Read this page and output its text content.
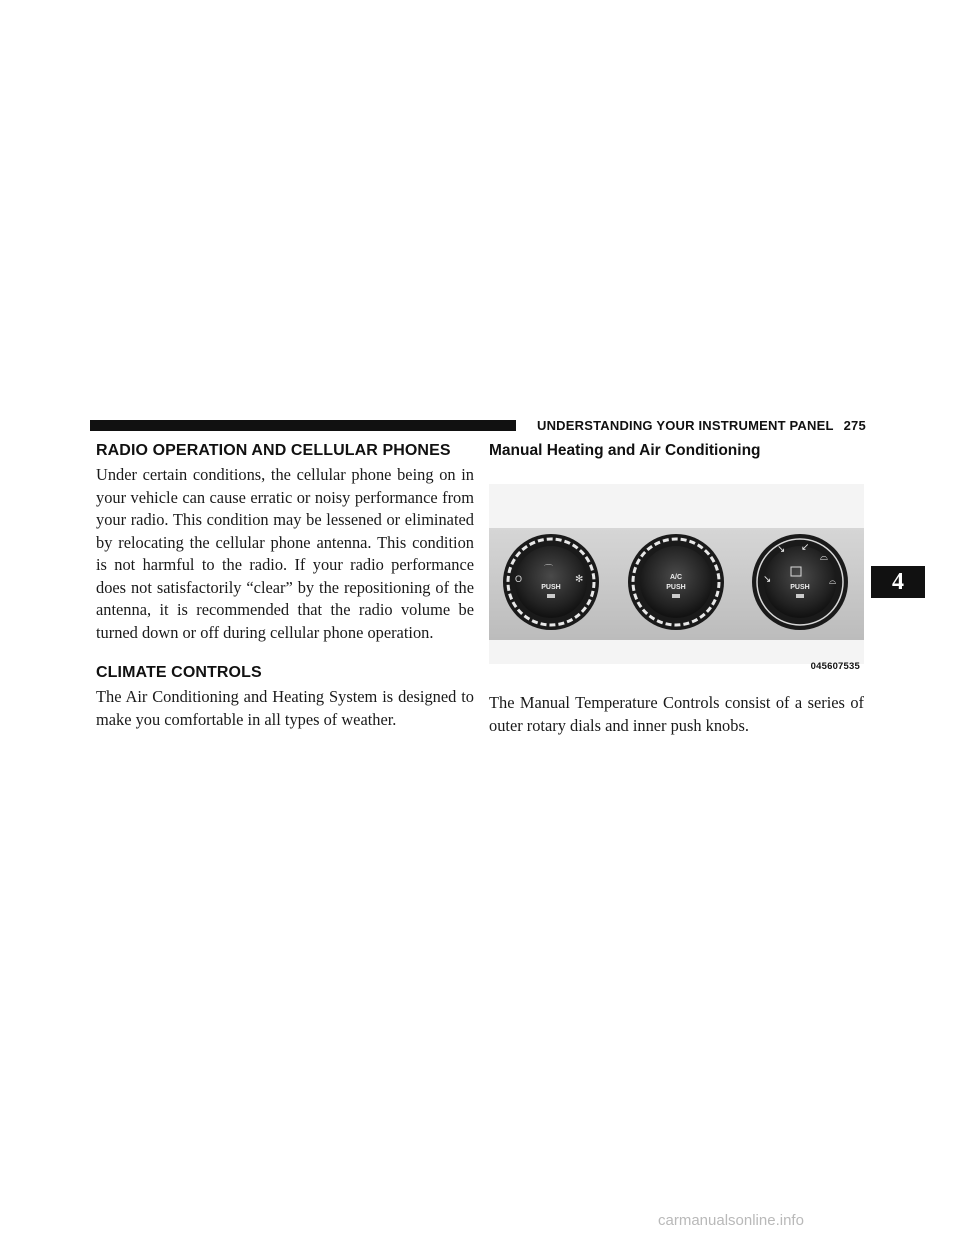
UNDERSTANDING YOUR INSTRUMENT PANEL 275
RADIO OPERATION AND CELLULAR PHONES

Under certain conditions, the cellular phone being on in your vehicle can cause erratic or noisy performance from your radio. This condition may be lessened or eliminated by relocating the cellular phone antenna. This condition is not harmful to the radio. If your radio performance does not satisfactorily “clear” by the repositioning of the antenna, it is recommended that the radio volume be turned down or off during cellular phone operation.

CLIMATE CONTROLS

The Air Conditioning and Heating System is designed to make you comfortable in all types of weather.

Manual Heating and Air Conditioning
O
⌒
✻
↘ ↙
⌓
↘	⌓
PUSH
A/C
PUSH	PUSH
045607535

The Manual Temperature Controls consist of a series of outer rotary dials and inner push knobs.

4
carmanualsonline.info
